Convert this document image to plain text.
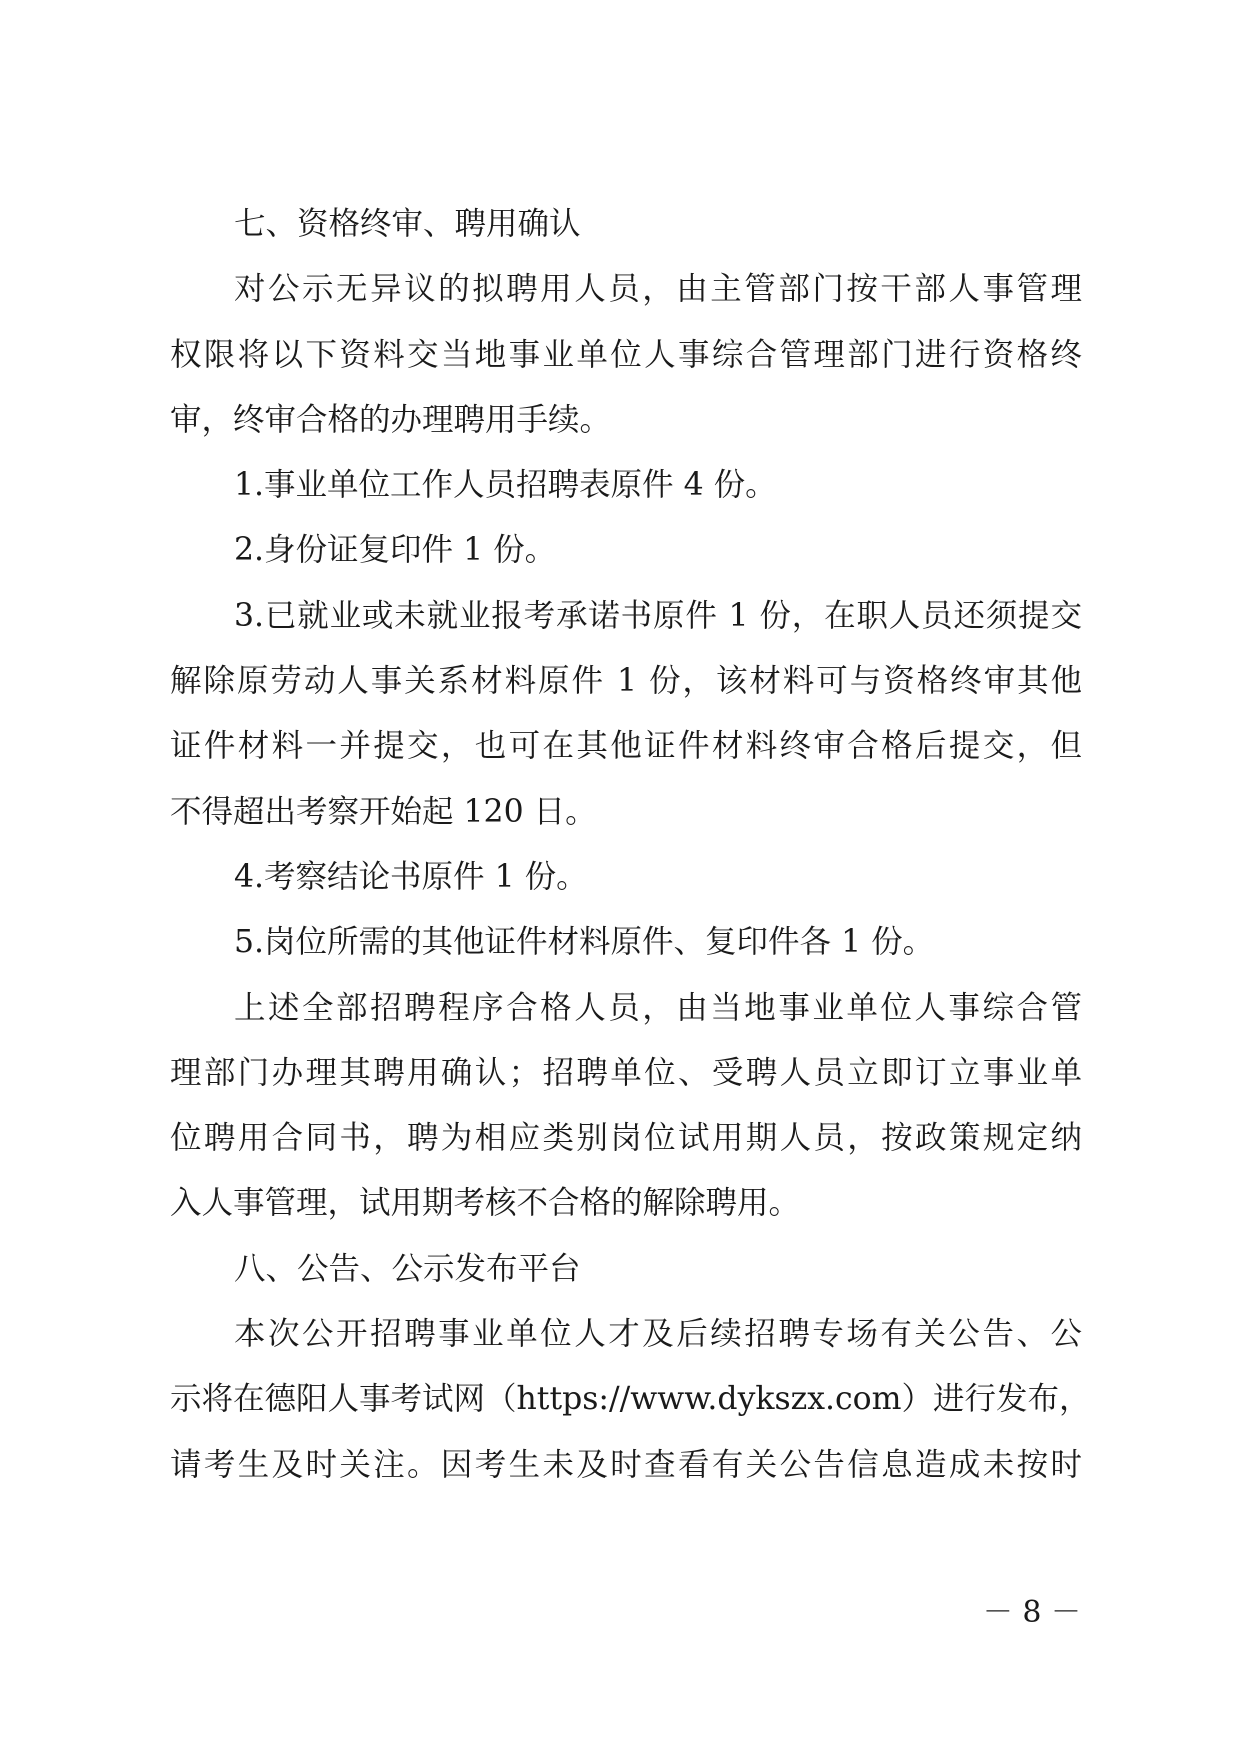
七、资格终审、聘用确认
对公示无异议的拟聘用人员，由主管部门按干部人事管理
权限将以下资料交当地事业单位人事综合管理部门进行资格终
审，终审合格的办理聘用手续。
1.事业单位工作人员招聘表原件 4 份。
2.身份证复印件 1 份。
3.已就业或未就业报考承诺书原件 1 份，在职人员还须提交
解除原劳动人事关系材料原件 1 份，该材料可与资格终审其他
证件材料一并提交，也可在其他证件材料终审合格后提交，但
不得超出考察开始起 120 日。
4.考察结论书原件 1 份。
5.岗位所需的其他证件材料原件、复印件各 1 份。
上述全部招聘程序合格人员，由当地事业单位人事综合管
理部门办理其聘用确认；招聘单位、受聘人员立即订立事业单
位聘用合同书，聘为相应类别岗位试用期人员，按政策规定纳
入人事管理，试用期考核不合格的解除聘用。
八、公告、公示发布平台
本次公开招聘事业单位人才及后续招聘专场有关公告、公
示将在德阳人事考试网（https://www.dykszx.com）进行发布，
请考生及时关注。因考生未及时查看有关公告信息造成未按时
－ 8 －
